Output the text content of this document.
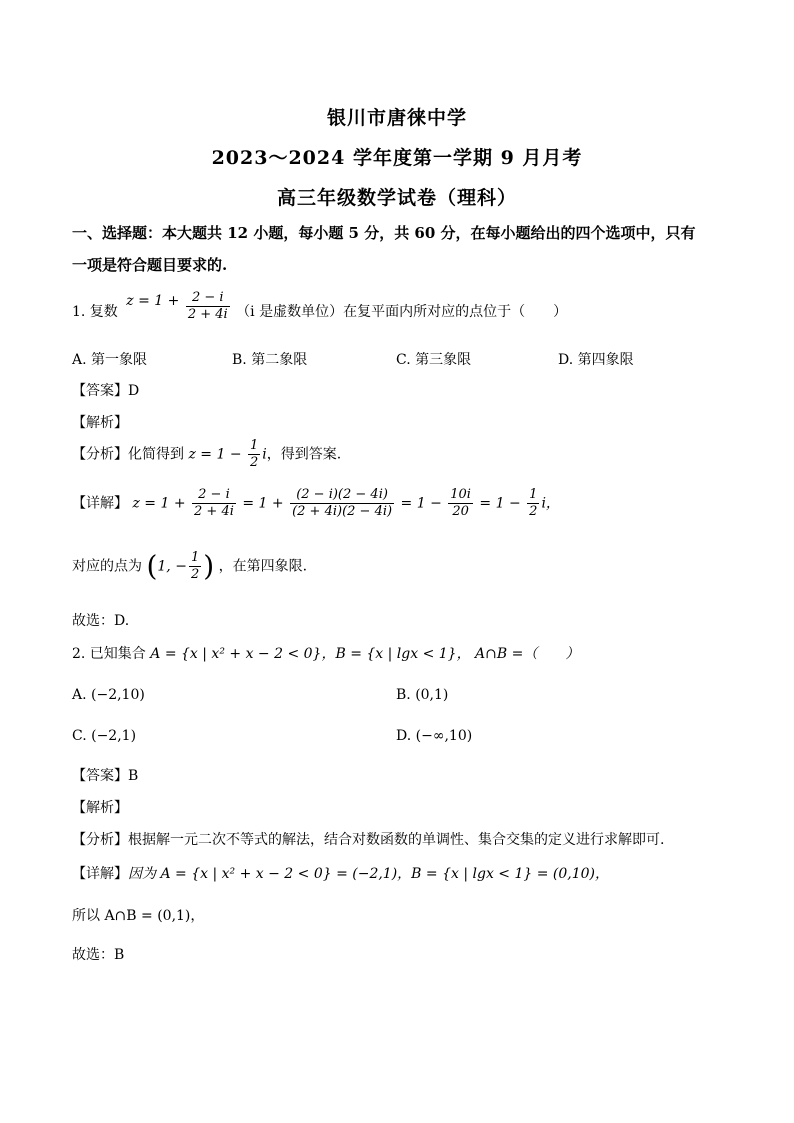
银川市唐徕中学
2023～2024 学年度第一学期 9 月月考
高三年级数学试卷（理科）
一、选择题：本大题共 12 小题，每小题 5 分，共 60 分，在每小题给出的四个选项中，只有
一项是符合题目要求的.
1. 复数 $z = 1 + \frac{2 - i}{2 + 4i} (i$ 是虚数单位）在复平面内所对应的点位于（　　）
A. 第一象限	B. 第二象限	C. 第三象限	D. 第四象限
【答案】D
【解析】
【分析】化简得到 $z = 1 - \frac{1}{2}$ i，得到答案.
【详解】 $z = 1 + \frac{2 - i}{2 + 4i} = 1 + \frac{(2 - i)(2 - 4i)}{(2 + 4i)(2 - 4i)} = 1 - \frac{10i}{20} = 1 - \frac{1}{2}$ i，
对应的点为 (1, − $\frac{1}{2}$ ) ，在第四象限.
故选：D.
2. 已知集合 A = {x | x² + x − 2 < 0}，B = {x | lgx < 1}， A∩B =（　　）
A. (−2,10)	B. (0,1)
C. (−2,1)	D. (−∞,10)
【答案】B
【解析】
【分析】根据解一元二次不等式的解法，结合对数函数的单调性、集合交集的定义进行求解即可.
【详解】因为 A = {x | x² + x − 2 < 0} = (−2,1)，B = {x | lgx < 1} = (0,10)，
所以 A∩B = (0,1)，
故选：B
